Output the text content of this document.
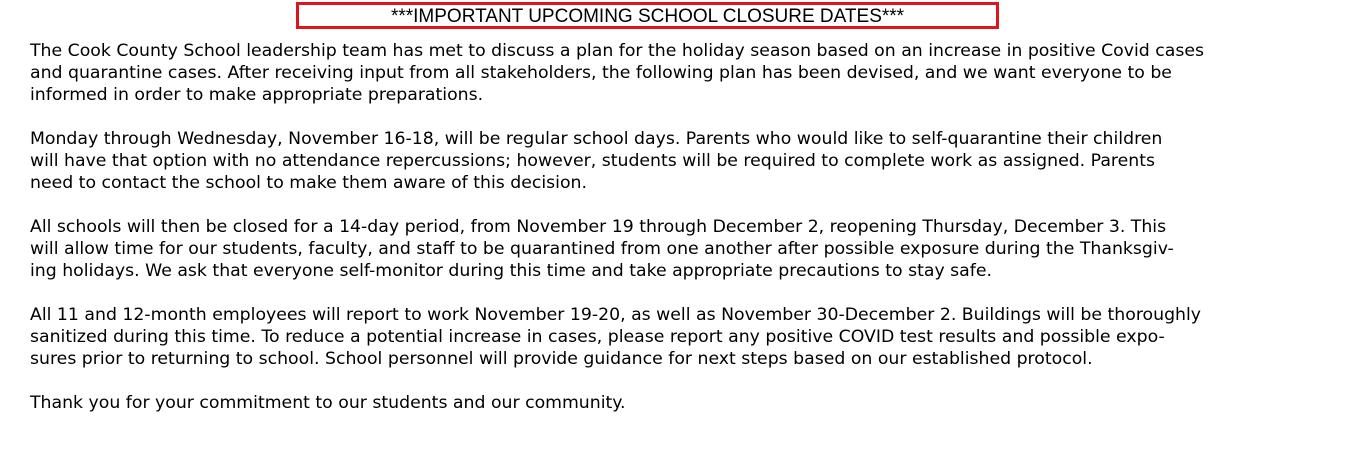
***IMPORTANT UPCOMING SCHOOL CLOSURE DATES***

The Cook County School leadership team has met to discuss a plan for the holiday season based on an increase in positive Covid cases
and quarantine cases. After receiving input from all stakeholders, the following plan has been devised, and we want everyone to be
informed in order to make appropriate preparations.

Monday through Wednesday, November 16-18, will be regular school days. Parents who would like to self-quarantine their children
will have that option with no attendance repercussions; however, students will be required to complete work as assigned. Parents
need to contact the school to make them aware of this decision.

All schools will then be closed for a 14-day period, from November 19 through December 2, reopening Thursday, December 3. This
will allow time for our students, faculty, and staff to be quarantined from one another after possible exposure during the Thanksgiv-
ing holidays. We ask that everyone self-monitor during this time and take appropriate precautions to stay safe.

All 11 and 12-month employees will report to work November 19-20, as well as November 30-December 2. Buildings will be thoroughly
sanitized during this time. To reduce a potential increase in cases, please report any positive COVID test results and possible expo-
sures prior to returning to school. School personnel will provide guidance for next steps based on our established protocol.

Thank you for your commitment to our students and our community.
